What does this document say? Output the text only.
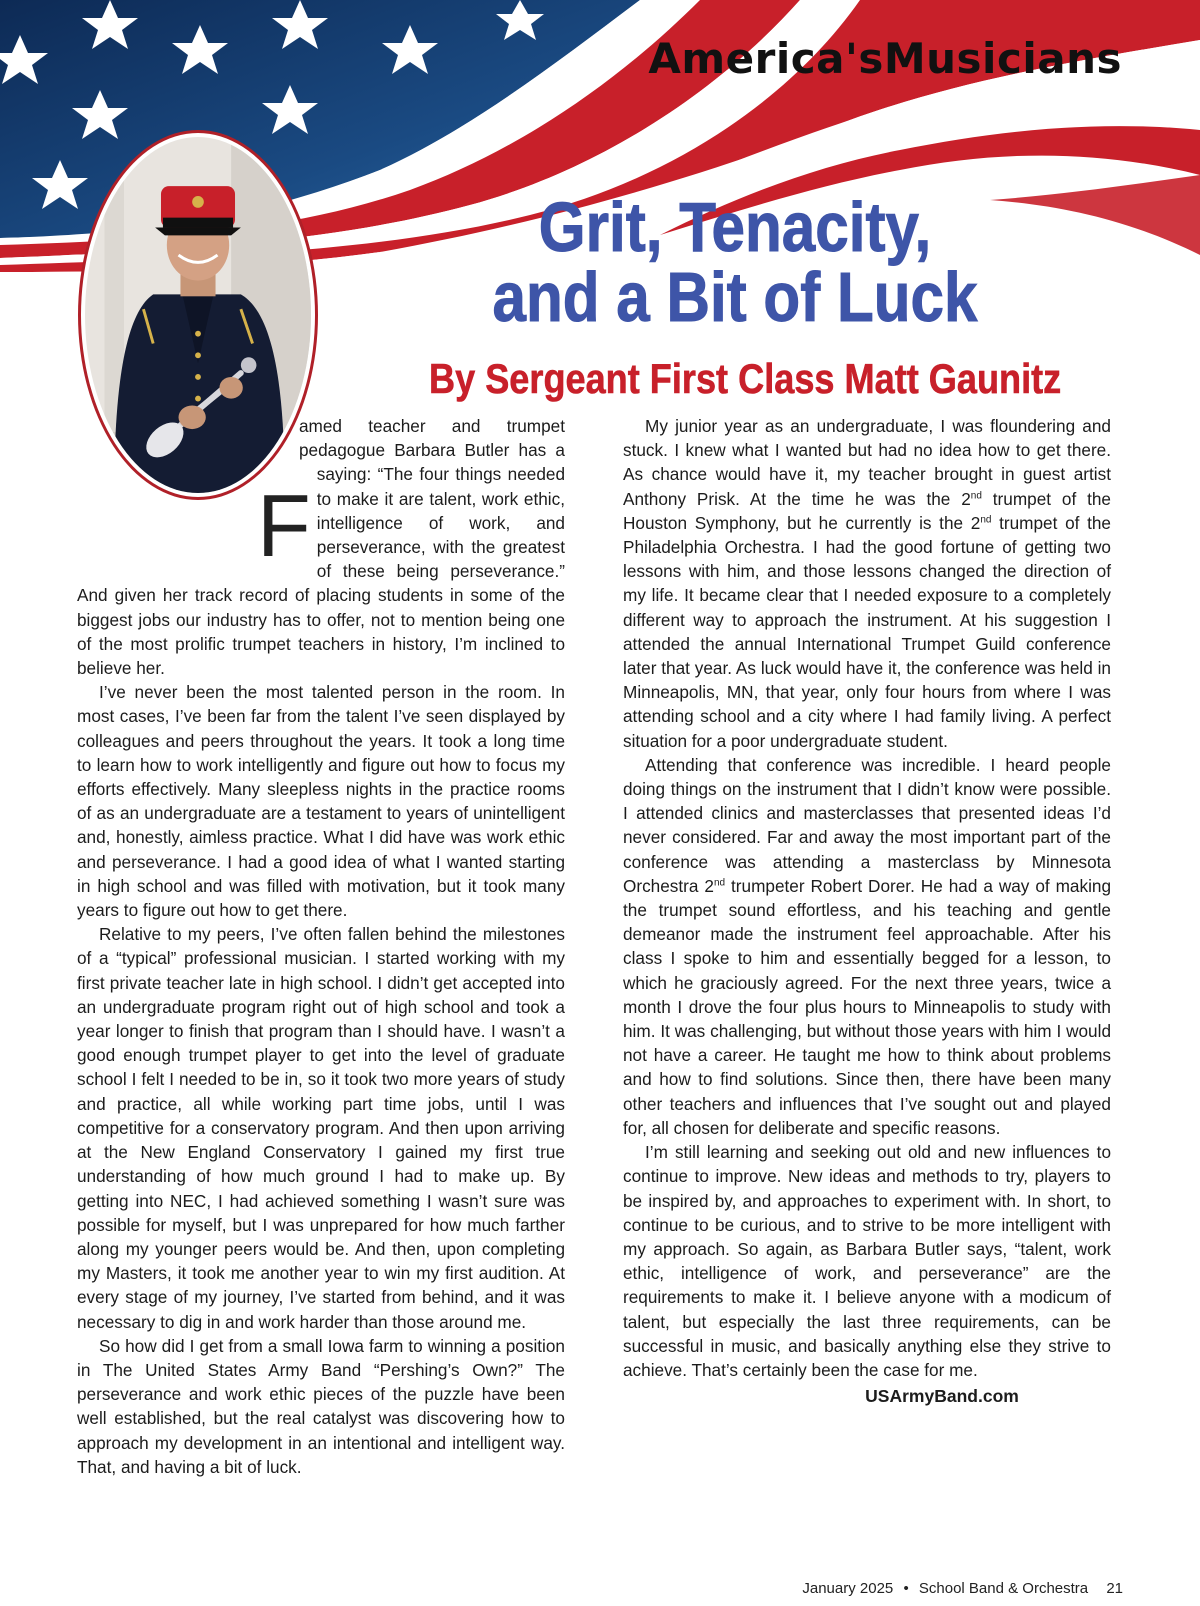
America'sMusicians
Grit, Tenacity,
and a Bit of Luck
By Sergeant First Class Matt Gaunitz

F
amed teacher and trumpet pedagogue Barbara Butler has a saying: “The four things needed to make it are talent, work ethic, intelligence of work, and perseverance, with the greatest of these being perseverance.” And given her track record of placing students in some of the biggest jobs our industry has to offer, not to mention being one of the most prolific trumpet teachers in history, I’m inclined to believe her.

I’ve never been the most talented person in the room. In most cases, I’ve been far from the talent I’ve seen displayed by colleagues and peers throughout the years. It took a long time to learn how to work intelligently and figure out how to focus my efforts effectively. Many sleepless nights in the practice rooms of as an undergraduate are a testament to years of unintelligent and, honestly, aimless practice. What I did have was work ethic and perseverance. I had a good idea of what I wanted starting in high school and was filled with motivation, but it took many years to figure out how to get there.

Relative to my peers, I’ve often fallen behind the milestones of a “typical” professional musician. I started working with my first private teacher late in high school. I didn’t get accepted into an undergraduate program right out of high school and took a year longer to finish that program than I should have. I wasn’t a good enough trumpet player to get into the level of graduate school I felt I needed to be in, so it took two more years of study and practice, all while working part time jobs, until I was competitive for a conservatory program. And then upon arriving at the New England Conservatory I gained my first true understanding of how much ground I had to make up. By getting into NEC, I had achieved something I wasn’t sure was possible for myself, but I was unprepared for how much farther along my younger peers would be. And then, upon completing my Masters, it took me another year to win my first audition. At every stage of my journey, I’ve started from behind, and it was necessary to dig in and work harder than those around me.

So how did I get from a small Iowa farm to winning a position in The United States Army Band “Pershing’s Own?” The perseverance and work ethic pieces of the puzzle have been well established, but the real catalyst was discovering how to approach my development in an intentional and intelligent way. That, and having a bit of luck.

My junior year as an undergraduate, I was floundering and stuck. I knew what I wanted but had no idea how to get there. As chance would have it, my teacher brought in guest artist Anthony Prisk. At the time he was the 2nd trumpet of the Houston Symphony, but he currently is the 2nd trumpet of the Philadelphia Orchestra. I had the good fortune of getting two lessons with him, and those lessons changed the direction of my life. It became clear that I needed exposure to a completely different way to approach the instrument. At his suggestion I attended the annual International Trumpet Guild conference later that year. As luck would have it, the conference was held in Minneapolis, MN, that year, only four hours from where I was attending school and a city where I had family living. A perfect situation for a poor undergraduate student.

Attending that conference was incredible. I heard people doing things on the instrument that I didn’t know were possible. I attended clinics and masterclasses that presented ideas I’d never considered. Far and away the most important part of the conference was attending a masterclass by Minnesota Orchestra 2nd trumpeter Robert Dorer. He had a way of making the trumpet sound effortless, and his teaching and gentle demeanor made the instrument feel approachable. After his class I spoke to him and essentially begged for a lesson, to which he graciously agreed. For the next three years, twice a month I drove the four plus hours to Minneapolis to study with him. It was challenging, but without those years with him I would not have a career. He taught me how to think about problems and how to find solutions. Since then, there have been many other teachers and influences that I’ve sought out and played for, all chosen for deliberate and specific reasons.

I’m still learning and seeking out old and new influences to continue to improve. New ideas and methods to try, players to be inspired by, and approaches to experiment with. In short, to continue to be curious, and to strive to be more intelligent with my approach. So again, as Barbara Butler says, “talent, work ethic, intelligence of work, and perseverance” are the requirements to make it. I believe anyone with a modicum of talent, but especially the last three requirements, can be successful in music, and basically anything else they strive to achieve. That’s certainly been the case for me.

USArmyBand.com
January 2025 • School Band & Orchestra 21
